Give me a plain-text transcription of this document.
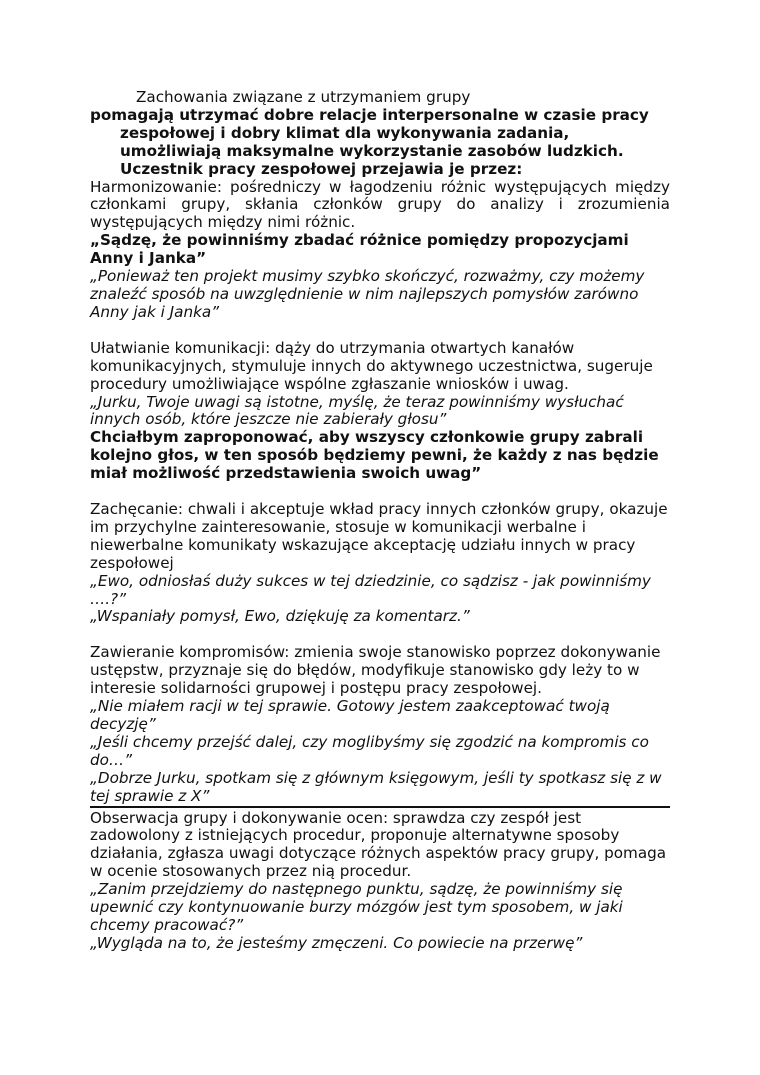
Zachowania związane z utrzymaniem grupy

pomagają utrzymać dobre relacje interpersonalne w czasie pracy

zespołowej i dobry klimat dla wykonywania zadania, umożliwiają maksymalne wykorzystanie zasobów ludzkich. Uczestnik pracy zespołowej przejawia je przez:

Harmonizowanie: pośredniczy w łagodzeniu różnic występujących między członkami grupy, skłania członków grupy do analizy i zrozumienia występujących między nimi różnic.

„Sądzę, że powinniśmy zbadać różnice pomiędzy propozycjami Anny i Janka”

„Ponieważ ten projekt musimy szybko skończyć, rozważmy, czy możemy znaleźć sposób na uwzględnienie w nim najlepszych pomysłów zarówno Anny jak i Janka”

Ułatwianie komunikacji: dąży do utrzymania otwartych kanałów komunikacyjnych, stymuluje innych do aktywnego uczestnictwa, sugeruje procedury umożliwiające wspólne zgłaszanie wniosków i uwag.

„Jurku, Twoje uwagi są istotne, myślę, że teraz powinniśmy wysłuchać innych osób, które jeszcze nie zabierały głosu”

Chciałbym zaproponować, aby wszyscy członkowie grupy zabrali kolejno głos, w ten sposób będziemy pewni, że każdy z nas będzie miał możliwość przedstawienia swoich uwag”

Zachęcanie: chwali i akceptuje wkład pracy innych członków grupy, okazuje im przychylne zainteresowanie, stosuje w komunikacji werbalne i niewerbalne komunikaty wskazujące akceptację udziału innych w pracy zespołowej

„Ewo, odniosłaś duży sukces w tej dziedzinie, co sądzisz - jak powinniśmy ….?”

„Wspaniały pomysł, Ewo, dziękuję za komentarz.”

Zawieranie kompromisów: zmienia swoje stanowisko poprzez dokonywanie ustępstw, przyznaje się do błędów, modyfikuje stanowisko gdy leży to w interesie solidarności grupowej i postępu pracy zespołowej.

„Nie miałem racji w tej sprawie. Gotowy jestem zaakceptować twoją decyzję”

„Jeśli chcemy przejść dalej, czy moglibyśmy się zgodzić na kompromis co do…”

„Dobrze Jurku, spotkam się z głównym księgowym, jeśli ty spotkasz się z w tej sprawie z X”

Obserwacja grupy i dokonywanie ocen: sprawdza czy zespół jest zadowolony z istniejących procedur, proponuje alternatywne sposoby działania, zgłasza uwagi dotyczące różnych aspektów pracy grupy, pomaga w ocenie stosowanych przez nią procedur.

„Zanim przejdziemy do następnego punktu, sądzę, że powinniśmy się upewnić czy kontynuowanie burzy mózgów jest tym sposobem, w jaki chcemy pracować?”

„Wygląda na to, że jesteśmy zmęczeni. Co powiecie na przerwę”
